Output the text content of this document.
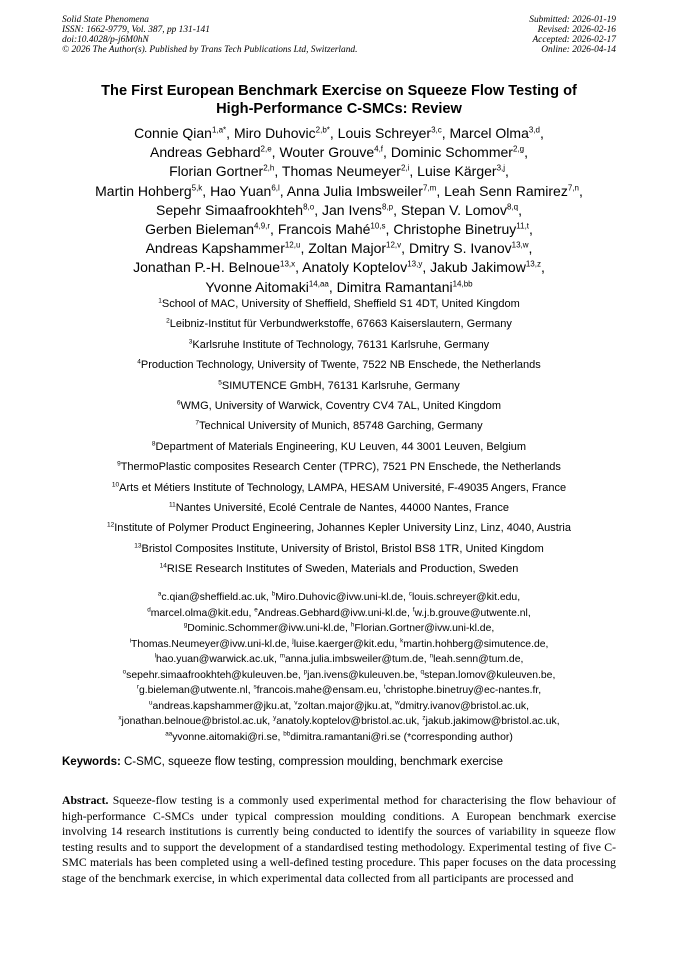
Solid State Phenomena
ISSN: 1662-9779, Vol. 387, pp 131-141
doi:10.4028/p-j6M0hN
© 2026 The Author(s). Published by Trans Tech Publications Ltd, Switzerland.
Submitted: 2026-01-19
Revised: 2026-02-16
Accepted: 2026-02-17
Online: 2026-04-14
The First European Benchmark Exercise on Squeeze Flow Testing of
High-Performance C-SMCs: Review
Connie Qian$^{1,a*}$, Miro Duhovic$^{2,b*}$, Louis Schreyer$^{3,c}$, Marcel Olma$^{3,d}$,
Andreas Gebhard$^{2,e}$, Wouter Grouve$^{4,f}$, Dominic Schommer$^{2,g}$,
Florian Gortner$^{2,h}$, Thomas Neumeyer$^{2,i}$, Luise Kärger$^{3,j}$,
Martin Hohberg$^{5,k}$, Hao Yuan$^{6,l}$, Anna Julia Imbsweiler$^{7,m}$, Leah Senn Ramirez$^{7,n}$,
Sepehr Simaafrookhteh$^{8,o}$, Jan Ivens$^{8,p}$, Stepan V. Lomov$^{8,q}$,
Gerben Bieleman$^{4,9,r}$, Francois Mahé$^{10,s}$, Christophe Binetruy$^{11,t}$,
Andreas Kapshammer$^{12,u}$, Zoltan Major$^{12,v}$, Dmitry S. Ivanov$^{13,w}$,
Jonathan P.-H. Belnoue$^{13,x}$, Anatoly Koptelov$^{13,y}$, Jakub Jakimow$^{13,z}$,
Yvonne Aitomaki$^{14,aa}$, Dimitra Ramantani$^{14,bb}$
$^1$School of MAC, University of Sheffield, Sheffield S1 4DT, United Kingdom
$^2$Leibniz-Institut für Verbundwerkstoffe, 67663 Kaiserslautern, Germany
$^3$Karlsruhe Institute of Technology, 76131 Karlsruhe, Germany
$^4$Production Technology, University of Twente, 7522 NB Enschede, the Netherlands
$^5$SIMUTENCE GmbH, 76131 Karlsruhe, Germany
$^6$WMG, University of Warwick, Coventry CV4 7AL, United Kingdom
$^7$Technical University of Munich, 85748 Garching, Germany
$^8$Department of Materials Engineering, KU Leuven, 44 3001 Leuven, Belgium
$^9$ThermoPlastic composites Research Center (TPRC), 7521 PN Enschede, the Netherlands
$^{10}$Arts et Métiers Institute of Technology, LAMPA, HESAM Université, F-49035 Angers, France
$^{11}$Nantes Université, Ecolé Centrale de Nantes, 44000 Nantes, France
$^{12}$Institute of Polymer Product Engineering, Johannes Kepler University Linz, Linz, 4040, Austria
$^{13}$Bristol Composites Institute, University of Bristol, Bristol BS8 1TR, United Kingdom
$^{14}$RISE Research Institutes of Sweden, Materials and Production, Sweden
$^a$c.qian@sheffield.ac.uk, $^b$Miro.Duhovic@ivw.uni-kl.de, $^c$louis.schreyer@kit.edu,
$^d$marcel.olma@kit.edu, $^e$Andreas.Gebhard@ivw.uni-kl.de, $^f$w.j.b.grouve@utwente.nl,
$^g$Dominic.Schommer@ivw.uni-kl.de, $^h$Florian.Gortner@ivw.uni-kl.de,
$^i$Thomas.Neumeyer@ivw.uni-kl.de, $^j$luise.kaerger@kit.edu, $^k$martin.hohberg@simutence.de,
$^l$hao.yuan@warwick.ac.uk, $^m$anna.julia.imbsweiler@tum.de, $^n$leah.senn@tum.de,
$^o$sepehr.simaafrookhteh@kuleuven.be, $^p$jan.ivens@kuleuven.be, $^q$stepan.lomov@kuleuven.be,
$^r$g.bieleman@utwente.nl, $^s$francois.mahe@ensam.eu, $^t$christophe.binetruy@ec-nantes.fr,
$^u$andreas.kapshammer@jku.at, $^v$zoltan.major@jku.at, $^w$dmitry.ivanov@bristol.ac.uk,
$^x$jonathan.belnoue@bristol.ac.uk, $^y$anatoly.koptelov@bristol.ac.uk, $^z$jakub.jakimow@bristol.ac.uk,
$^{aa}$yvonne.aitomaki@ri.se, $^{bb}$dimitra.ramantani@ri.se (*corresponding author)
Keywords: C-SMC, squeeze flow testing, compression moulding, benchmark exercise
Abstract. Squeeze-flow testing is a commonly used experimental method for characterising the flow behaviour of high-performance C-SMCs under typical compression moulding conditions. A European benchmark exercise involving 14 research institutions is currently being conducted to identify the sources of variability in squeeze flow testing results and to support the development of a standardised testing methodology. Experimental testing of five C-SMC materials has been completed using a well-defined testing procedure. This paper focuses on the data processing stage of the benchmark exercise, in which experimental data collected from all participants are processed and
